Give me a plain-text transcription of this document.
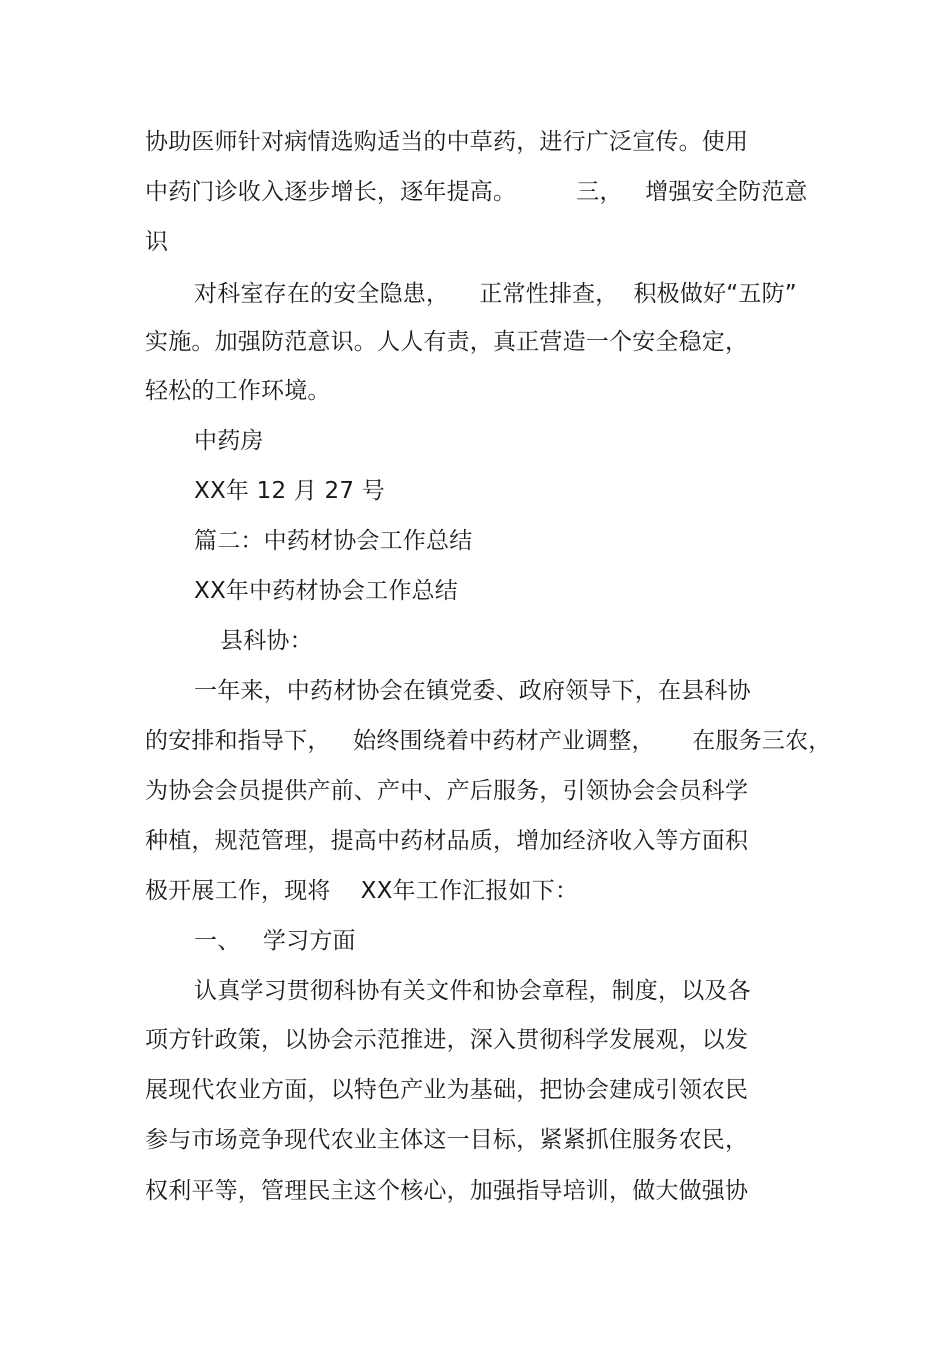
协助医师针对病情选购适当的中草药，进行广泛宣传。使用
中药门诊收入逐步增长，逐年提高。        三，   增强安全防范意
识
对科室存在的安全隐患，    正常性排查，  积极做好“五防”
实施。加强防范意识。人人有责，真正营造一个安全稳定，
轻松的工作环境。
中药房
XX年 12 月 27 号
篇二：中药材协会工作总结
XX年中药材协会工作总结
县科协：
一年来，中药材协会在镇党委、政府领导下，在县科协
的安排和指导下，   始终围绕着中药材产业调整，     在服务三农，
为协会会员提供产前、产中、产后服务，引领协会会员科学
种植，规范管理，提高中药材品质，增加经济收入等方面积
极开展工作，现将    XX年工作汇报如下：
一、   学习方面
认真学习贯彻科协有关文件和协会章程，制度，以及各
项方针政策，以协会示范推进，深入贯彻科学发展观，以发
展现代农业方面，以特色产业为基础，把协会建成引领农民
参与市场竞争现代农业主体这一目标，紧紧抓住服务农民，
权利平等，管理民主这个核心，加强指导培训，做大做强协
